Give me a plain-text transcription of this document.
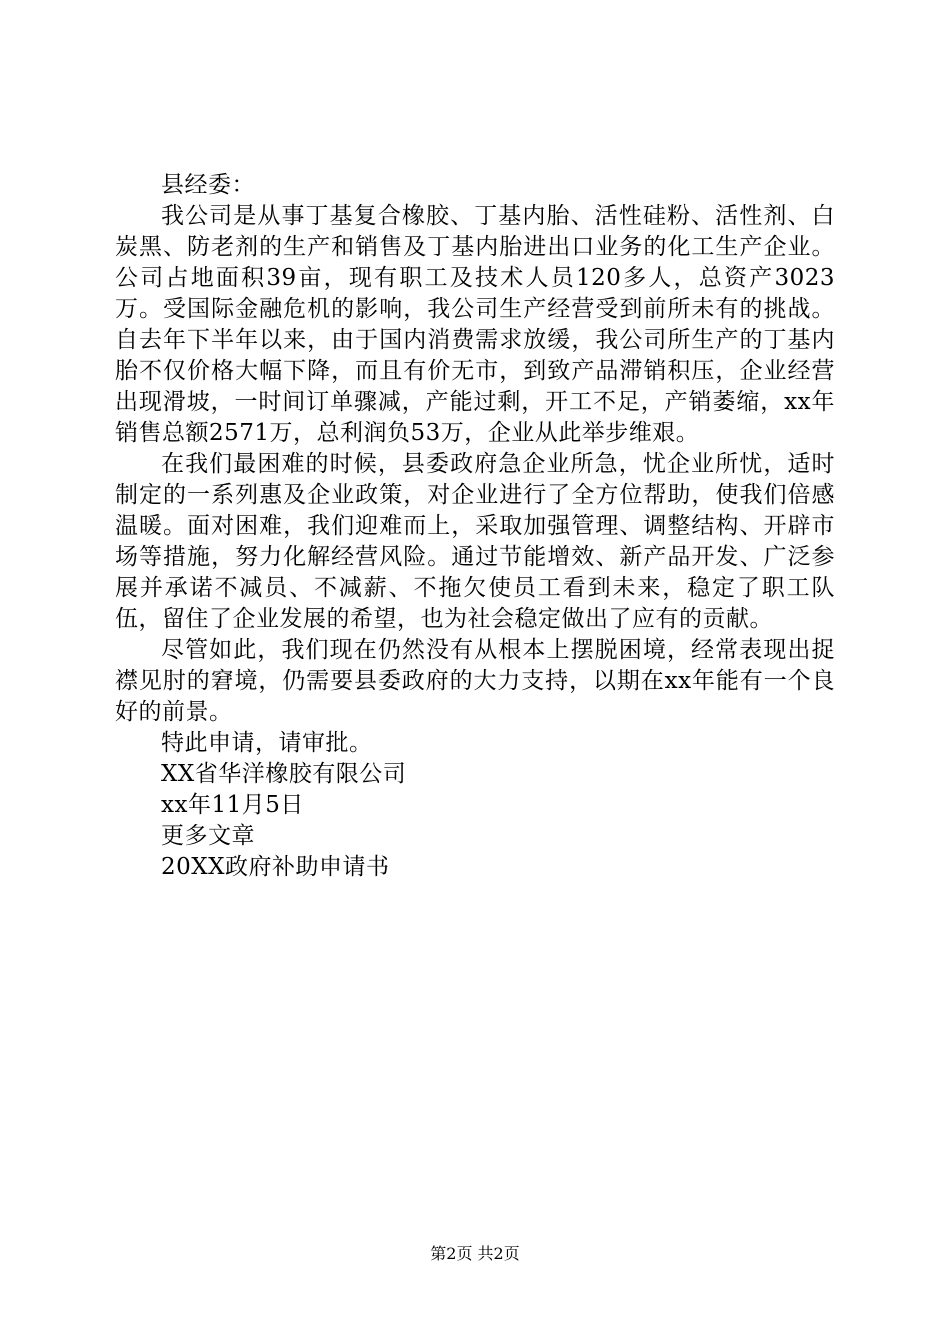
县经委：

我公司是从事丁基复合橡胶、丁基内胎、活性硅粉、活性剂、白炭黑、防老剂的生产和销售及丁基内胎进出口业务的化工生产企业。公司占地面积39亩，现有职工及技术人员120多人，总资产3023万。受国际金融危机的影响，我公司生产经营受到前所未有的挑战。自去年下半年以来，由于国内消费需求放缓，我公司所生产的丁基内胎不仅价格大幅下降，而且有价无市，到致产品滞销积压，企业经营出现滑坡，一时间订单骤减，产能过剩，开工不足，产销萎缩，xx年销售总额2571万，总利润负53万，企业从此举步维艰。

在我们最困难的时候，县委政府急企业所急，忧企业所忧，适时制定的一系列惠及企业政策，对企业进行了全方位帮助，使我们倍感温暖。面对困难，我们迎难而上，采取加强管理、调整结构、开辟市场等措施，努力化解经营风险。通过节能增效、新产品开发、广泛参展并承诺不减员、不减薪、不拖欠使员工看到未来，稳定了职工队伍，留住了企业发展的希望，也为社会稳定做出了应有的贡献。

尽管如此，我们现在仍然没有从根本上摆脱困境，经常表现出捉襟见肘的窘境，仍需要县委政府的大力支持，以期在xx年能有一个良好的前景。

特此申请，请审批。

XX省华洋橡胶有限公司

xx年11月5日

更多文章

20XX政府补助申请书

第2页 共2页
